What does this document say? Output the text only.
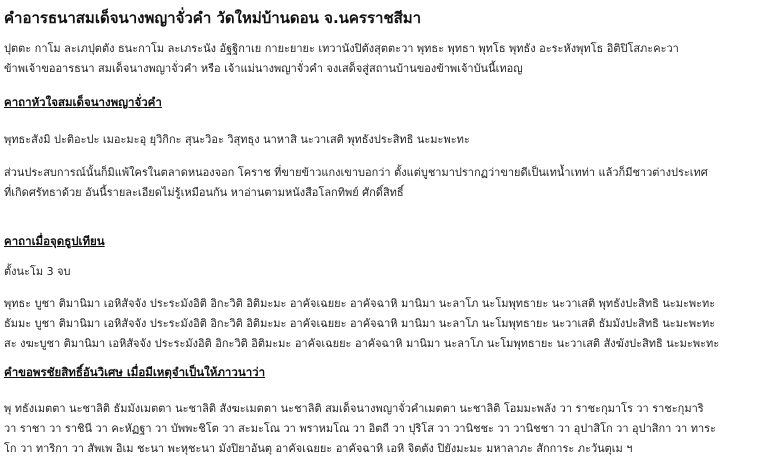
คำอารธนาสมเด็จนางพญาจั่วคำ วัดใหม่บ้านดอน จ.นครราชสีมา

ปุตตะ กาโม ละเภปุตตัง ธนะกาโม ละเภระนัง อัฐฐิกาเย กายะยายะ เทวานังปิตังสุตตะวา พุทธะ พุทธา พุทโธ พุทธัง อะระหังพุทโธ อิติปิโสภะคะวา

ข้าพเจ้าขออารธนา สมเด็จนางพญาจั่วคำ หรือ เจ้าแม่นางพญาจั่วคำ จงเสด็จสู่สถานบ้านของข้าพเจ้าบันนี้เทอญ

คาถาหัวใจสมเด็จนางพญาจั่วคำ

พุทธะสังมิ ปะติอะปะ เมอะมะอุ ยุวิกิกะ สุนะวิอะ วิสุทธุง นาหาสิ นะวาเสติ พุทธังประสิทธิ นะมะพะทะ

ส่วนประสบการณ์นั้นก็มิแพ้ใครในตลาดหนองจอก โคราช ที่ขายข้าวแกงเขาบอกว่า ตั้งแต่บูชามาปรากฏว่าขายดีเป็นเทน้ำเทท่า แล้วก็มีชาวต่างประเทศ

ที่เกิดศรัทธาด้วย อันนี้รายละเอียดไม่รู้เหมือนกัน หาอ่านตามหนังสือโลกทิพย์ ศักดิ์สิทธิ์

คาถาเมื่อจุดธูปเทียน

ตั้งนะโม 3 จบ

พุทธะ บูชา ติมานิมา เอหิสัจจัง ประระมังอิติ อิกะวิติ อิติมะมะ อาคัจเฉยยะ อาคัจฉาหิ มานิมา นะลาโภ นะโมพุทธายะ นะวาเสติ พุทธังปะสิทธิ นะมะพะทะ

ธัมมะ บูชา ติมานิมา เอหิสัจจัง ประระมังอิติ อิกะวิติ อิติมะมะ อาคัจเฉยยะ อาคัจฉาหิ มานิมา นะลาโภ นะโมพุทธายะ นะวาเสติ ธัมมังปะสิทธิ นะมะพะทะ

สะ งฆะบูชา ติมานิมา เอหิสัจจัง ประระมังอิติ อิกะวิติ อิติมะมะ อาคัจเฉยยะ อาคัจฉาหิ มานิมา นะลาโภ นะโมพุทธายะ นะวาเสติ สังฆังปะสิทธิ นะมะพะทะ

คำขอพรชัยสิทธิ์อันวิเศษ เมื่อมีเหตุจำเป็นให้ภาวนาว่า

พุ ทธังเมตตา นะชาลิติ ธัมมังเมตตา นะชาลิติ สังฆะเมตตา นะชาลิติ สมเด็จนางพญาจั่วคำเมตตา นะชาลิติ โอมมะพลัง วา ราชะกุมาโร วา ราชะกุมาริ

วา ราชา วา ราชินี วา คะหัฏฐา วา บัพพะชิโต วา สะมะโณ วา พราหมโณ วา อิตถี วา ปุริโส วา วานิชชะ วา วานิชชา วา อุปาสิโก วา อุปาสิกา วา ทาระ

โก วา ทาริกา วา สัพเพ อิเม ชะนา พะหุชะนา มังปิยาอันตุ อาคัจเฉยยะ อาคัจฉาหิ เอหิ จิตตัง ปิยังมะมะ มหาลาภะ สักการะ ภะวันตุเม ฯ
